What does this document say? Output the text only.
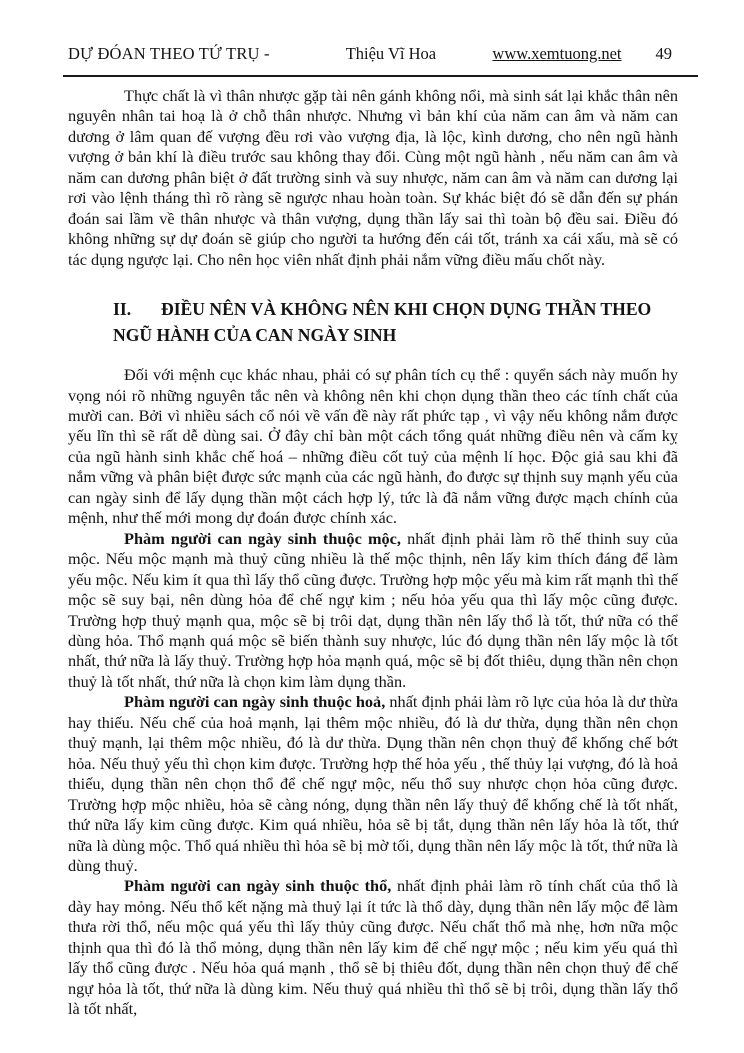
DỰ ĐÓAN THEO TỨ TRỤ -	Thiệu Vĩ Hoa	www.xemtuong.net 49

Thực chất là vì thân nhược gặp tài nên gánh không nổi, mà sinh sát lại khắc thân nên nguyên nhân tai hoạ là ở chỗ thân nhược. Nhưng vì bản khí của năm can âm và năm can dương ở lâm quan đế vượng đều rơi vào vượng địa, là lộc, kình dương, cho nên ngũ hành vượng ở bản khí là điều trước sau không thay đổi. Cùng một ngũ hành , nếu năm can âm và năm can dương phân biệt ở đất trường sinh và suy nhược, năm can âm và năm can dương lại rơi vào lệnh tháng thì rõ ràng sẽ ngược nhau hoàn toàn. Sự khác biệt đó sẽ dẫn đến sự phán đoán sai lầm về thân nhược và thân vượng, dụng thần lấy sai thì toàn bộ đều sai. Điều đó không những sự dự đoán sẽ giúp cho người ta hướng đến cái tốt, tránh xa cái xấu, mà sẽ có tác dụng ngược lại. Cho nên học viên nhất định phải nắm vững điều mấu chốt này.

II. ĐIỀU NÊN VÀ KHÔNG NÊN KHI CHỌN DỤNG THẦN THEO NGŨ HÀNH CỦA CAN NGÀY SINH

Đối với mệnh cục khác nhau, phải có sự phân tích cụ thể : quyển sách này muốn hy vọng nói rõ những nguyên tắc nên và không nên khi chọn dụng thần theo các tính chất của mười can. Bởi vì nhiều sách cổ nói về vấn đề này rất phức tạp , vì vậy nếu không nắm được yếu lĩn thì sẽ rất dễ dùng sai. Ở đây chỉ bàn một cách tổng quát những điều nên và cấm kỵ của ngũ hành sinh khắc chế hoá – những điều cốt tuỷ của mệnh lí học. Độc giả sau khi đã nắm vững và phân biệt được sức mạnh của các ngũ hành, đo được sự thịnh suy mạnh yếu của can ngày sinh để lấy dụng thần một cách hợp lý, tức là đã nắm vững được mạch chính của mệnh, như thế mới mong dự đoán được chính xác.

Phàm người can ngày sinh thuộc mộc, nhất định phải làm rõ thế thinh suy của mộc. Nếu mộc mạnh mà thuỷ cũng nhiều là thế mộc thịnh, nên lấy kim thích đáng để làm yếu mộc. Nếu kim ít qua thì lấy thổ cũng được. Trường hợp mộc yếu mà kim rất mạnh thì thế mộc sẽ suy bại, nên dùng hỏa để chế ngự kim ; nếu hỏa yếu qua thì lấy mộc cũng được. Trường hợp thuỷ mạnh qua, mộc sẽ bị trôi dạt, dụng thần nên lấy thổ là tốt, thứ nữa có thể dùng hỏa. Thổ mạnh quá mộc sẽ biến thành suy nhược, lúc đó dụng thần nên lấy mộc là tốt nhất, thứ nữa là lấy thuỷ. Trường hợp hỏa mạnh quá, mộc sẽ bị đốt thiêu, dụng thần nên chọn thuỷ là tốt nhất, thứ nữa là chọn kim làm dụng thần.

Phàm người can ngày sinh thuộc hoả, nhất định phải làm rõ lực của hỏa là dư thừa hay thiếu. Nếu chế của hoả mạnh, lại thêm mộc nhiều, đó là dư thừa, dụng thần nên chọn thuỷ mạnh, lại thêm mộc nhiều, đó là dư thừa. Dụng thần nên chọn thuỷ để khống chế bớt hỏa. Nếu thuỷ yếu thì chọn kim được. Trường hợp thế hỏa yếu , thế thủy lại vượng, đó là hoả thiếu, dụng thần nên chọn thổ để chế ngự mộc, nếu thổ suy nhược chọn hỏa cũng được. Trường hợp mộc nhiều, hỏa sẽ càng nóng, dụng thần nên lấy thuỷ để khống chế là tốt nhất, thứ nữa lấy kim cũng được. Kim quá nhiều, hỏa sẽ bị tắt, dụng thần nên lấy hỏa là tốt, thứ nữa là dùng mộc. Thổ quá nhiều thì hỏa sẽ bị mờ tối, dụng thần nên lấy mộc là tốt, thứ nữa là dùng thuỷ.

Phàm người can ngày sinh thuộc thổ, nhất định phải làm rõ tính chất của thổ là dày hay mỏng. Nếu thổ kết nặng mà thuỷ lại ít tức là thổ dày, dụng thần nên lấy mộc để làm thưa rời thổ, nếu mộc quá yếu thì lấy thủy cũng được. Nếu chất thổ mà nhẹ, hơn nữa mộc thịnh qua thì đó là thổ mỏng, dụng thần nên lấy kim để chế ngự mộc ; nếu kim yếu quá thì lấy thổ cũng được . Nếu hỏa quá mạnh , thổ sẽ bị thiêu đốt, dụng thần nên chọn thuỷ để chế ngự hỏa là tốt, thứ nữa là dùng kim. Nếu thuỷ quá nhiều thì thổ sẽ bị trôi, dụng thần lấy thổ là tốt nhất,
